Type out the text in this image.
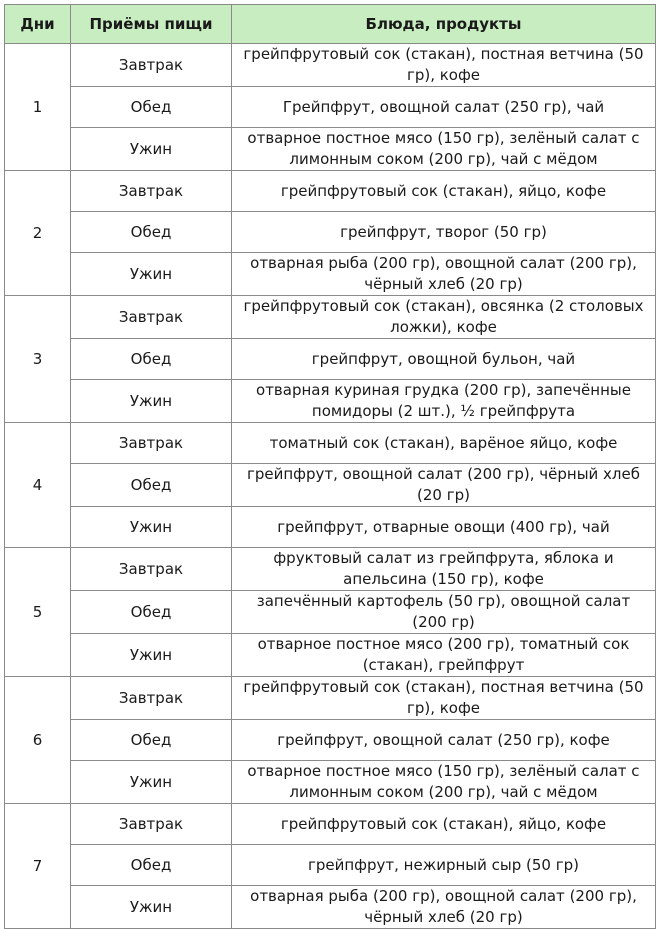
Дни	Приёмы пищи	Блюда, продукты
1	Завтрак	грейпфрутовый сок (стакан), постная ветчина (50 гр), кофе
	Обед	Грейпфрут, овощной салат (250 гр), чай
	Ужин	отварное постное мясо (150 гр), зелёный салат с лимонным соком (200 гр), чай с мёдом
2	Завтрак	грейпфрутовый сок (стакан), яйцо, кофе
	Обед	грейпфрут, творог (50 гр)
	Ужин	отварная рыба (200 гр), овощной салат (200 гр), чёрный хлеб (20 гр)
3	Завтрак	грейпфрутовый сок (стакан), овсянка (2 столовых ложки), кофе
	Обед	грейпфрут, овощной бульон, чай
	Ужин	отварная куриная грудка (200 гр), запечённые помидоры (2 шт.), ½ грейпфрута
4	Завтрак	томатный сок (стакан), варёное яйцо, кофе
	Обед	грейпфрут, овощной салат (200 гр), чёрный хлеб (20 гр)
	Ужин	грейпфрут, отварные овощи (400 гр), чай
5	Завтрак	фруктовый салат из грейпфрута, яблока и апельсина (150 гр), кофе
	Обед	запечённый картофель (50 гр), овощной салат (200 гр)
	Ужин	отварное постное мясо (200 гр), томатный сок (стакан), грейпфрут
6	Завтрак	грейпфрутовый сок (стакан), постная ветчина (50 гр), кофе
	Обед	грейпфрут, овощной салат (250 гр), кофе
	Ужин	отварное постное мясо (150 гр), зелёный салат с лимонным соком (200 гр), чай с мёдом
7	Завтрак	грейпфрутовый сок (стакан), яйцо, кофе
	Обед	грейпфрут, нежирный сыр (50 гр)
	Ужин	отварная рыба (200 гр), овощной салат (200 гр), чёрный хлеб (20 гр)
